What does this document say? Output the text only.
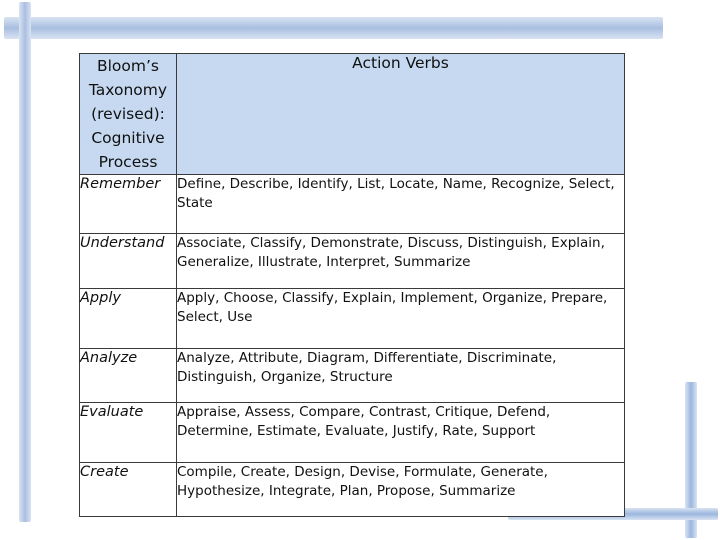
Bloom’s Taxonomy (revised): Cognitive Process	Action Verbs
Remember	Define, Describe, Identify, List, Locate, Name, Recognize, Select, State
Understand	Associate, Classify, Demonstrate, Discuss, Distinguish, Explain, Generalize, Illustrate, Interpret, Summarize
Apply	Apply, Choose, Classify, Explain, Implement, Organize, Prepare, Select, Use
Analyze	Analyze, Attribute, Diagram, Differentiate, Discriminate, Distinguish, Organize, Structure
Evaluate	Appraise, Assess, Compare, Contrast, Critique, Defend, Determine, Estimate, Evaluate, Justify, Rate, Support
Create	Compile, Create, Design, Devise, Formulate, Generate, Hypothesize, Integrate, Plan, Propose, Summarize
